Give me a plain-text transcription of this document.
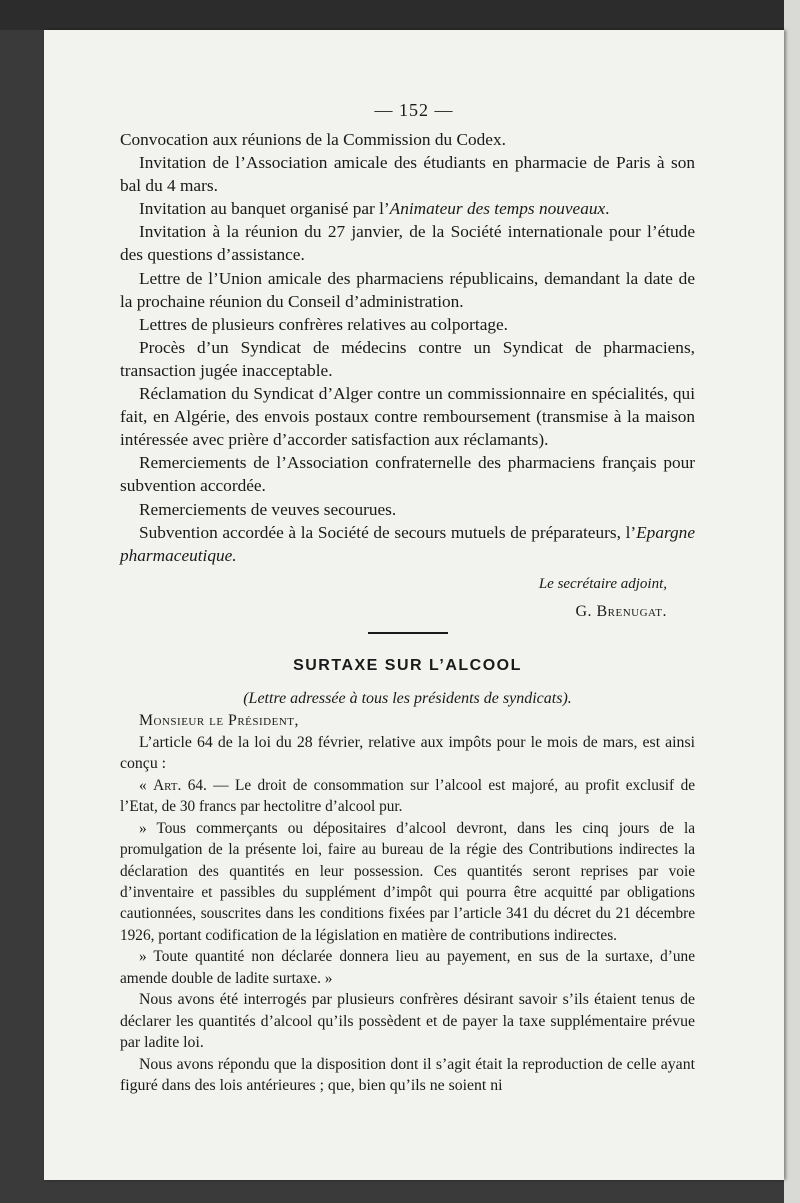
— 152 —

Convocation aux réunions de la Commission du Codex.

Invitation de l’Association amicale des étudiants en pharmacie de Paris à son bal du 4 mars.

Invitation au banquet organisé par l’Animateur des temps nouveaux.

Invitation à la réunion du 27 janvier, de la Société internationale pour l’étude des questions d’assistance.

Lettre de l’Union amicale des pharmaciens républicains, demandant la date de la prochaine réunion du Conseil d’administration.

Lettres de plusieurs confrères relatives au colportage.

Procès d’un Syndicat de médecins contre un Syndicat de pharmaciens, transaction jugée inacceptable.

Réclamation du Syndicat d’Alger contre un commissionnaire en spécialités, qui fait, en Algérie, des envois postaux contre remboursement (transmise à la maison intéressée avec prière d’accorder satisfaction aux réclamants).

Remerciements de l’Association confraternelle des pharmaciens français pour subvention accordée.

Remerciements de veuves secourues.

Subvention accordée à la Société de secours mutuels de préparateurs, l’Epargne pharmaceutique.

Le secrétaire adjoint,
G. Brenugat.
SURTAXE SUR L’ALCOOL
(Lettre adressée à tous les présidents de syndicats).

Monsieur le Président,

L’article 64 de la loi du 28 février, relative aux impôts pour le mois de mars, est ainsi conçu :

« Art. 64. — Le droit de consommation sur l’alcool est majoré, au profit exclusif de l’Etat, de 30 francs par hectolitre d’alcool pur.

» Tous commerçants ou dépositaires d’alcool devront, dans les cinq jours de la promulgation de la présente loi, faire au bureau de la régie des Contributions indirectes la déclaration des quantités en leur possession. Ces quantités seront reprises par voie d’inventaire et passibles du supplément d’impôt qui pourra être acquitté par obligations cautionnées, souscrites dans les conditions fixées par l’article 341 du décret du 21 décembre 1926, portant codification de la législation en matière de contributions indirectes.

» Toute quantité non déclarée donnera lieu au payement, en sus de la surtaxe, d’une amende double de ladite surtaxe. »

Nous avons été interrogés par plusieurs confrères désirant savoir s’ils étaient tenus de déclarer les quantités d’alcool qu’ils possèdent et de payer la taxe supplémentaire prévue par ladite loi.

Nous avons répondu que la disposition dont il s’agit était la reproduction de celle ayant figuré dans des lois antérieures ; que, bien qu’ils ne soient ni
